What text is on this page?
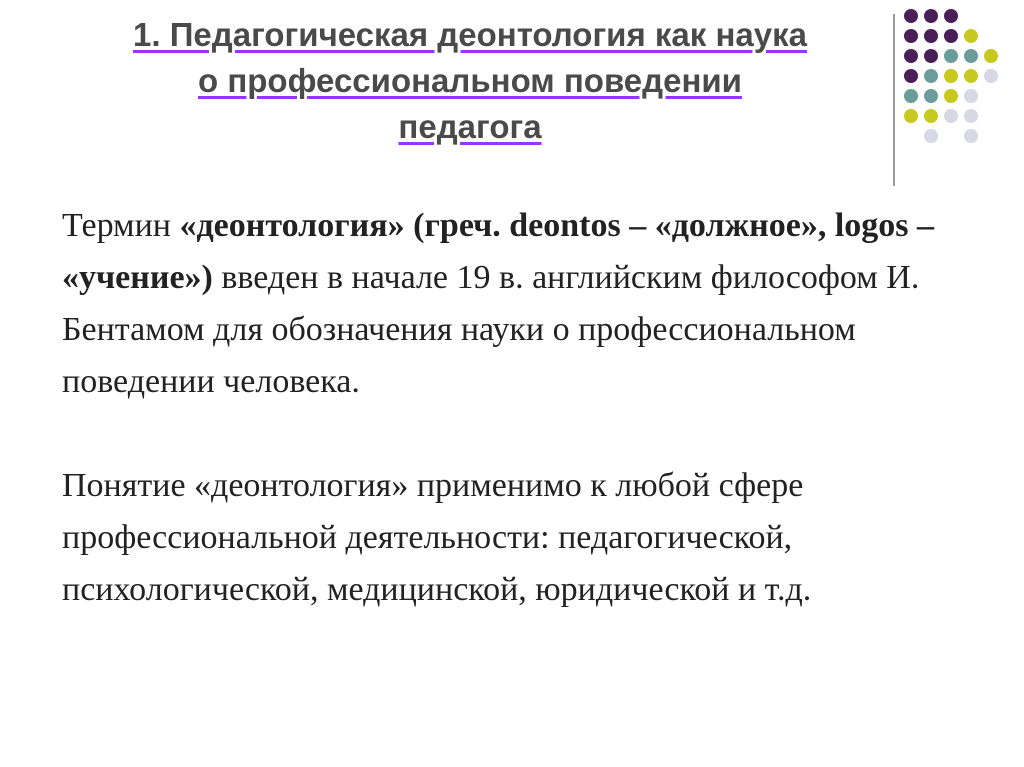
1. Педагогическая деонтология как наука
о профессиональном поведении
педагога

Термин «деонтология» (греч. deontos – «должное», logos – «учение») введен в начале 19 в. английским философом И. Бентамом для обозначения науки о профессиональном поведении человека.

Понятие «деонтология» применимо к любой сфере профессиональной деятельности: педагогической, психологической, медицинской, юридической и т.д.
